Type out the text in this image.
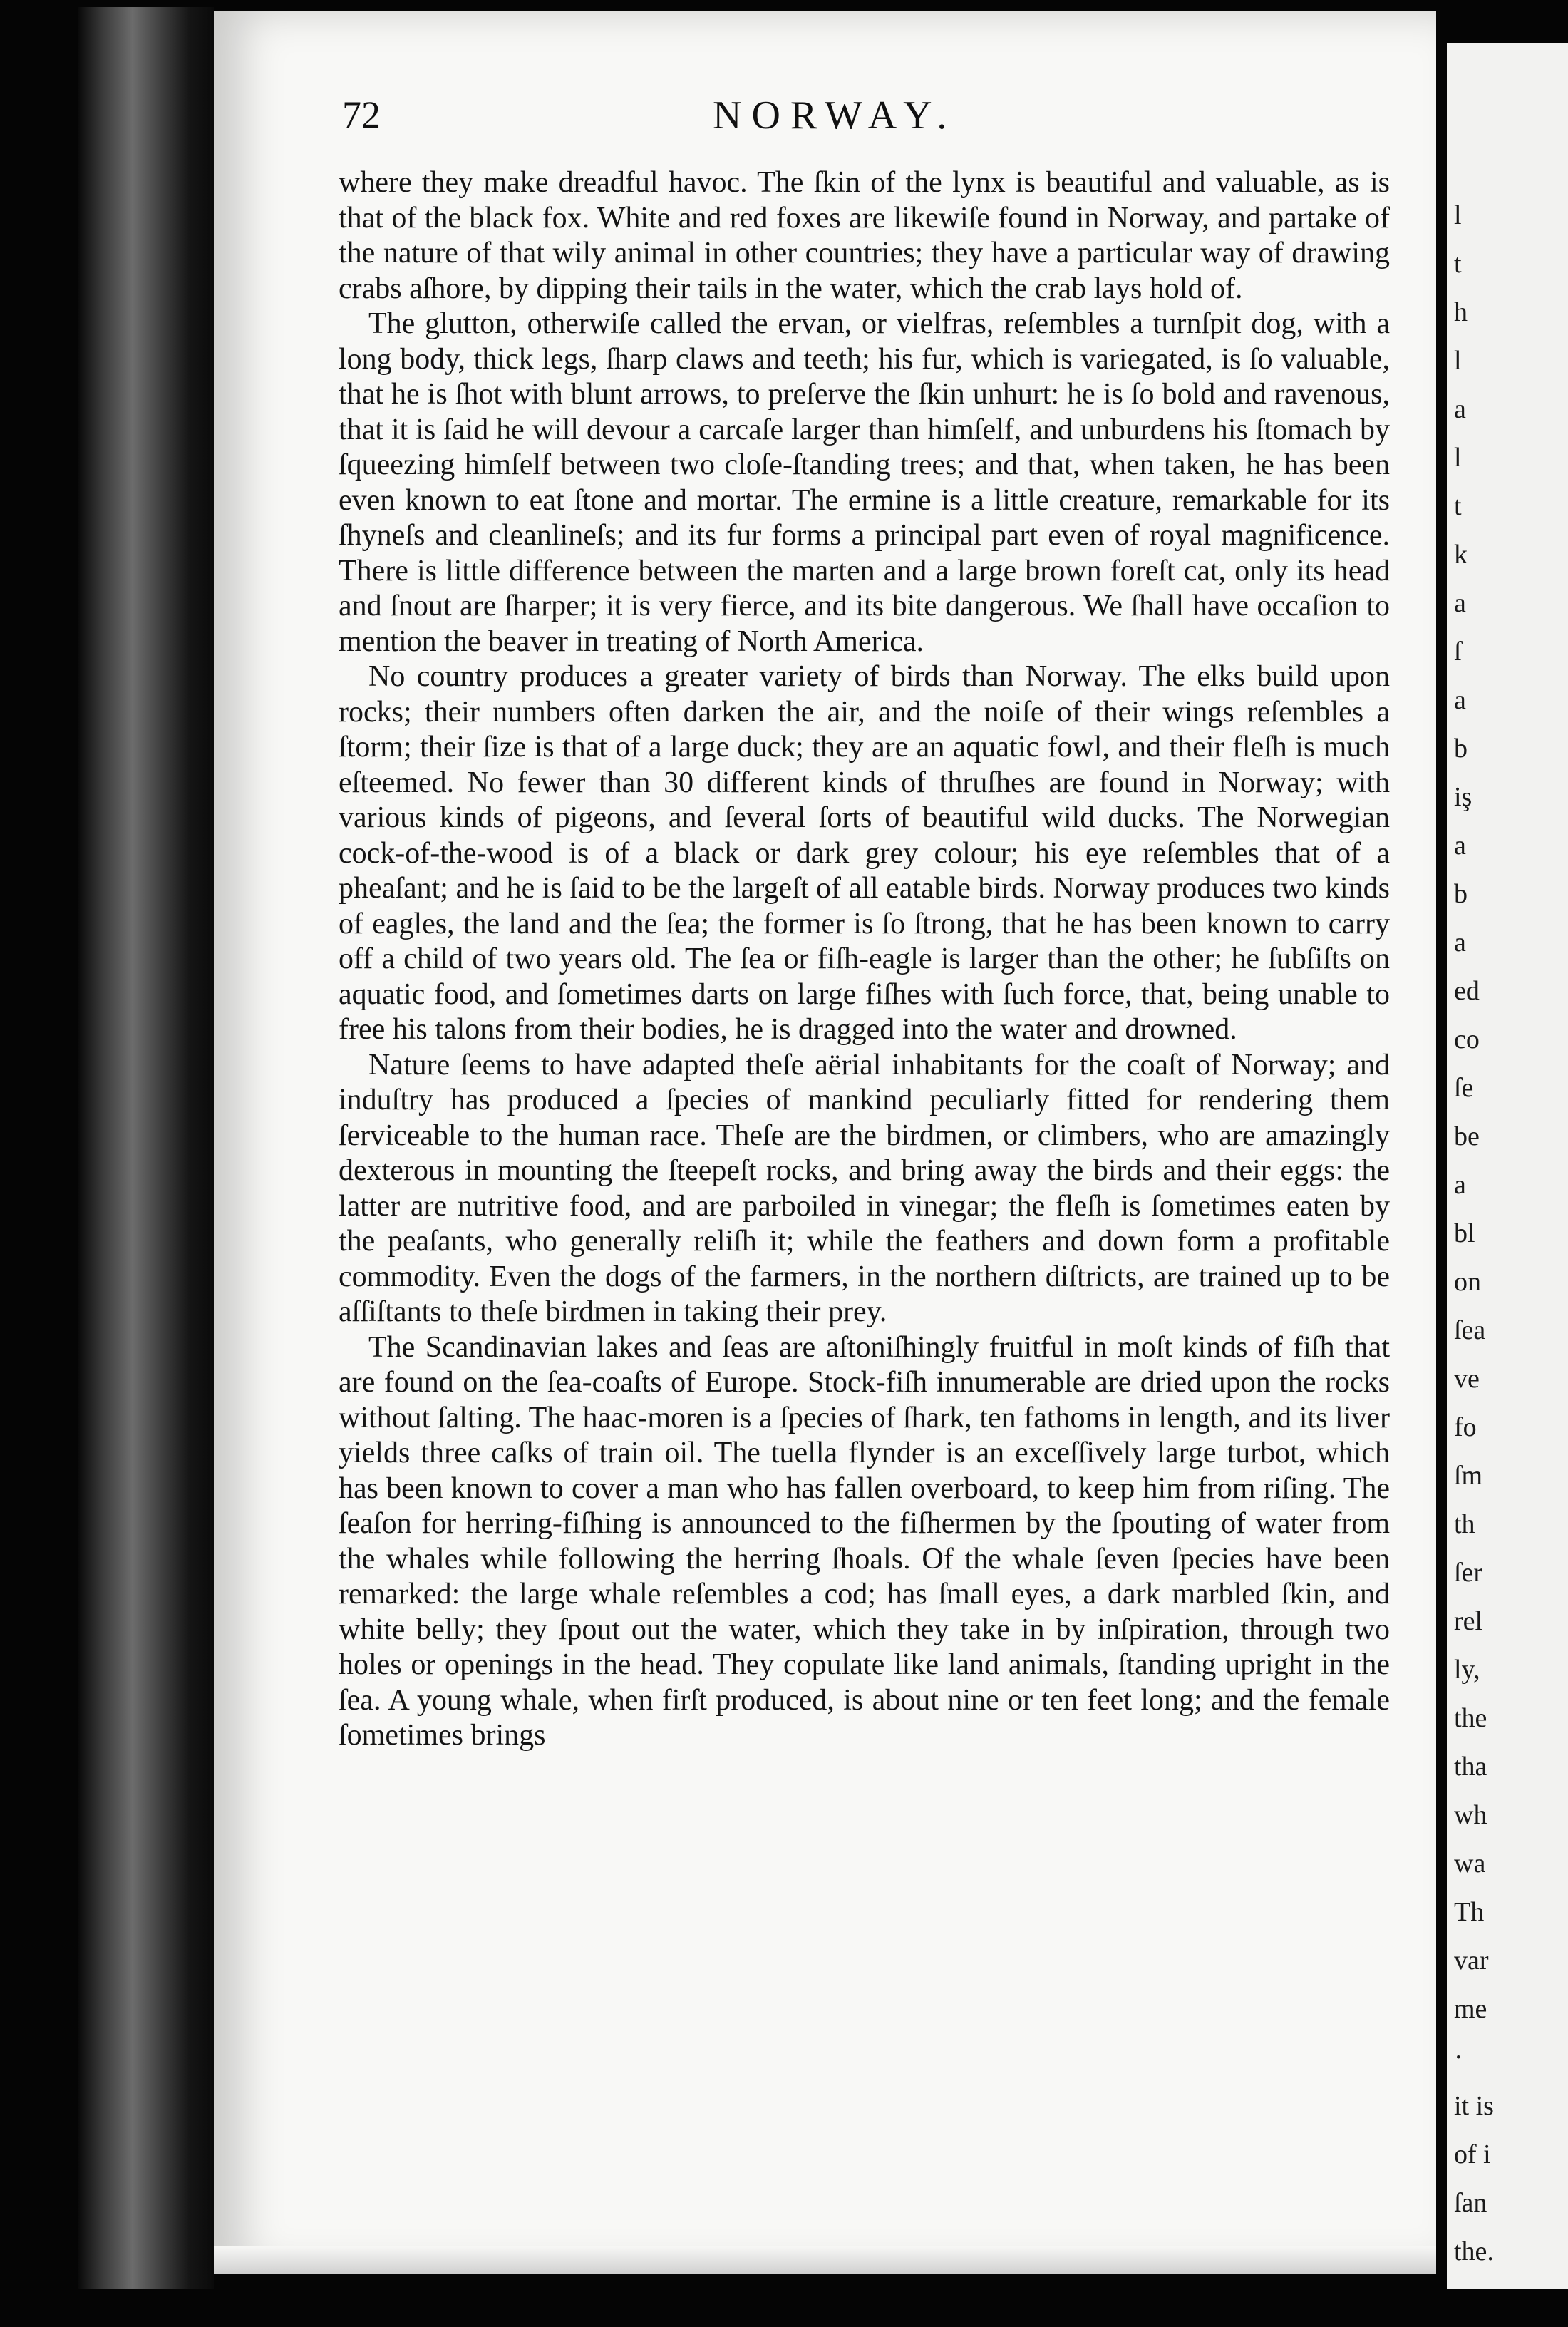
72	NORWAY.

where they make dreadful havoc. The ſkin of the lynx is beautiful and valuable, as is that of the black fox. White and red foxes are likewiſe found in Norway, and partake of the nature of that wily animal in other countries; they have a particular way of drawing crabs aſhore, by dipping their tails in the water, which the crab lays hold of.

The glutton, otherwiſe called the ervan, or vielfras, reſembles a turnſpit dog, with a long body, thick legs, ſharp claws and teeth; his fur, which is variegated, is ſo valuable, that he is ſhot with blunt arrows, to preſerve the ſkin unhurt: he is ſo bold and ravenous, that it is ſaid he will devour a carcaſe larger than himſelf, and unburdens his ſtomach by ſqueezing himſelf between two cloſe-ſtanding trees; and that, when taken, he has been even known to eat ſtone and mortar. The ermine is a little creature, remarkable for its ſhyneſs and cleanlineſs; and its fur forms a principal part even of royal magnificence. There is little difference between the marten and a large brown foreſt cat, only its head and ſnout are ſharper; it is very fierce, and its bite dangerous. We ſhall have occaſion to mention the beaver in treating of North America.

No country produces a greater variety of birds than Norway. The elks build upon rocks; their numbers often darken the air, and the noiſe of their wings reſembles a ſtorm; their ſize is that of a large duck; they are an aquatic fowl, and their fleſh is much eſteemed. No fewer than 30 different kinds of thruſhes are found in Norway; with various kinds of pigeons, and ſeveral ſorts of beautiful wild ducks. The Norwegian cock-of-the-wood is of a black or dark grey colour; his eye reſembles that of a pheaſant; and he is ſaid to be the largeſt of all eatable birds. Norway produces two kinds of eagles, the land and the ſea; the former is ſo ſtrong, that he has been known to carry off a child of two years old. The ſea or fiſh-eagle is larger than the other; he ſubſiſts on aquatic food, and ſometimes darts on large fiſhes with ſuch force, that, being unable to free his talons from their bodies, he is dragged into the water and drowned.

Nature ſeems to have adapted theſe aërial inhabitants for the coaſt of Norway; and induſtry has produced a ſpecies of mankind peculiarly fitted for rendering them ſerviceable to the human race. Theſe are the birdmen, or climbers, who are amazingly dexterous in mounting the ſteepeſt rocks, and bring away the birds and their eggs: the latter are nutritive food, and are parboiled in vinegar; the fleſh is ſometimes eaten by the peaſants, who generally reliſh it; while the feathers and down form a profitable commodity. Even the dogs of the farmers, in the northern diſtricts, are trained up to be aſſiſtants to theſe birdmen in taking their prey.

The Scandinavian lakes and ſeas are aſtoniſhingly fruitful in moſt kinds of fiſh that are found on the ſea-coaſts of Europe. Stock-fiſh innumerable are dried upon the rocks without ſalting. The haac-moren is a ſpecies of ſhark, ten fathoms in length, and its liver yields three caſks of train oil. The tuella flynder is an exceſſively large turbot, which has been known to cover a man who has fallen overboard, to keep him from riſing. The ſeaſon for herring-fiſhing is announced to the fiſhermen by the ſpouting of water from the whales while following the herring ſhoals. Of the whale ſeven ſpecies have been remarked: the large whale reſembles a cod; has ſmall eyes, a dark marbled ſkin, and white belly; they ſpout out the water, which they take in by inſpiration, through two holes or openings in the head. They copulate like land animals, ſtanding upright in the ſea. A young whale, when firſt produced, is about nine or ten feet long; and the female ſometimes brings

l
t
h
l
a
l
t
k
a
ſ
a
b
iş
a
b
a
ed
co
ſe
be
a
bl
on
ſea
ve
fo
ſm
th
ſer
rel
ly,
the
tha
wh
wa
Th
var
me
·
it is
of i
ſan
the.
